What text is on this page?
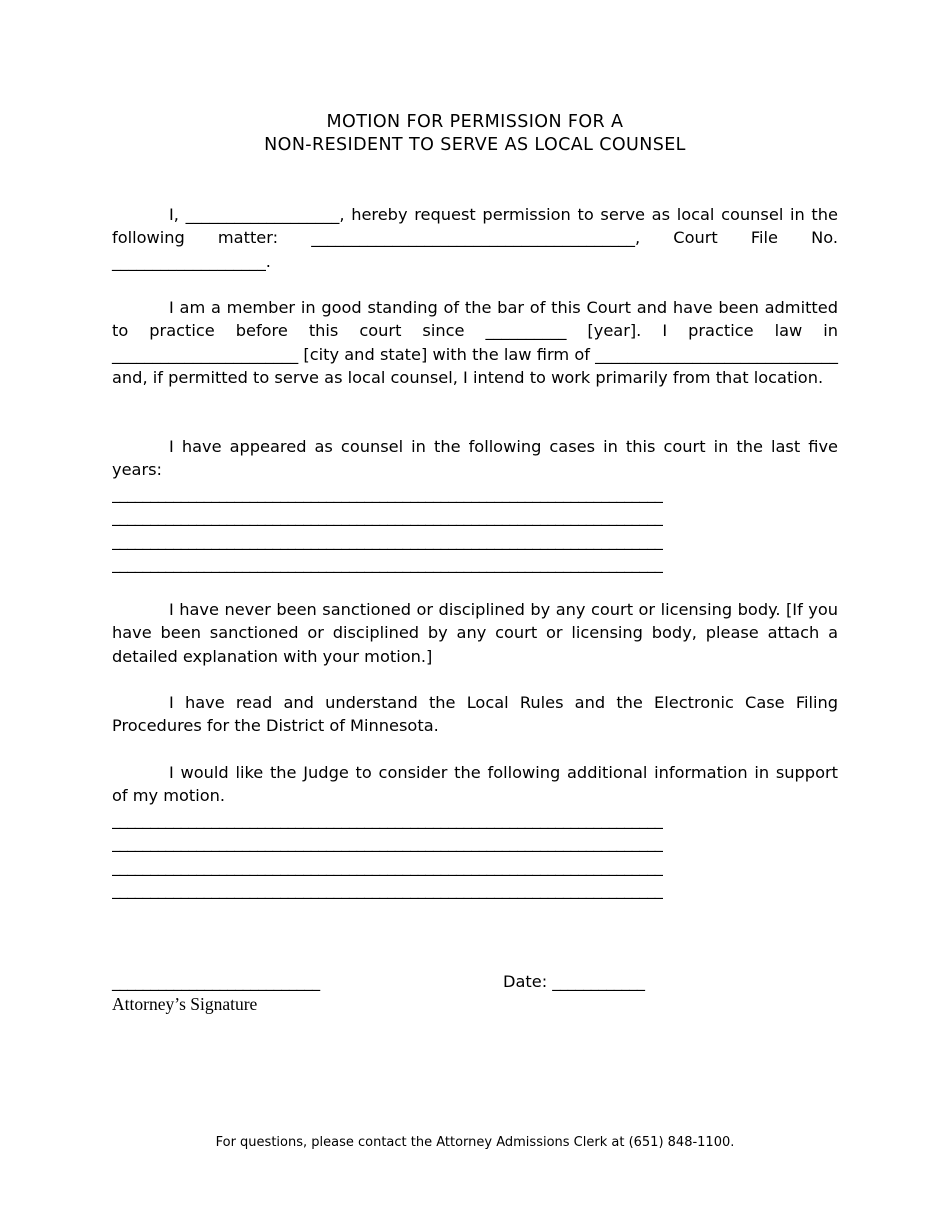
MOTION FOR PERMISSION FOR A
NON-RESIDENT TO SERVE AS LOCAL COUNSEL

I, ___________________, hereby request permission to serve as local counsel in the following matter: ________________________________________, Court File No. ___________________.

I am a member in good standing of the bar of this Court and have been admitted to practice before this court since __________ [year]. I practice law in _______________________ [city and state] with the law firm of ______________________________ and, if permitted to serve as local counsel, I intend to work primarily from that location.

I have appeared as counsel in the following cases in this court in the last five years:

________________________________________________________________________
________________________________________________________________________
________________________________________________________________________
________________________________________________________________________

I have never been sanctioned or disciplined by any court or licensing body. [If you have been sanctioned or disciplined by any court or licensing body, please attach a detailed explanation with your motion.]

I have read and understand the Local Rules and the Electronic Case Filing Procedures for the District of Minnesota.

I would like the Judge to consider the following additional information in support of my motion.

________________________________________________________________________
________________________________________________________________________
________________________________________________________________________
________________________________________________________________________
___________________________
Attorney’s Signature
Date: ____________
For questions, please contact the Attorney Admissions Clerk at (651) 848-1100.
